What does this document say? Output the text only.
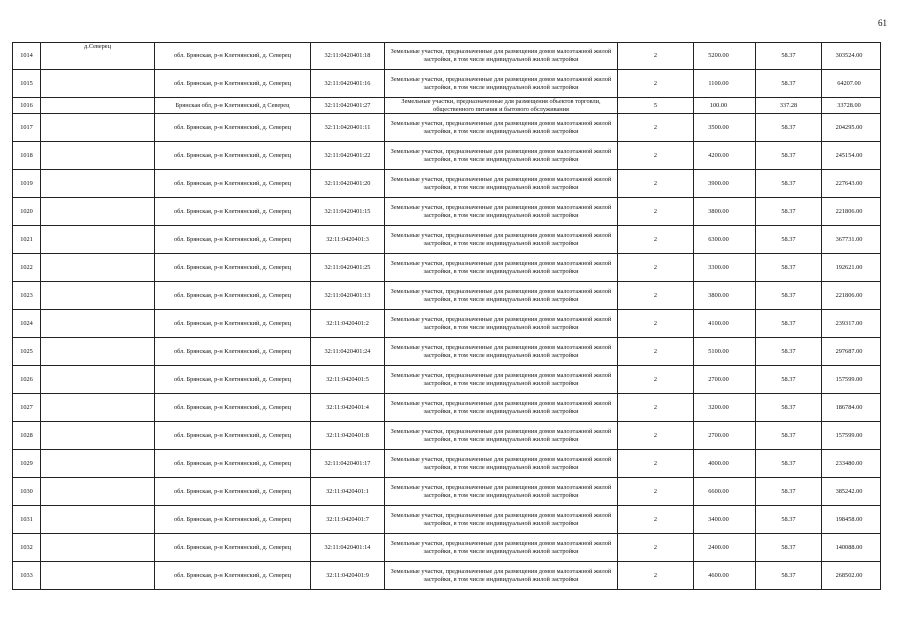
61
1014	д.Северец	обл. Брянская, р-н Клетнянский, д. Северец	32:11:0420401:18	Земельные участки, предназначенные для размещения домов малоэтажной жилой застройки, в том числе индивидуальной жилой застройки	2	5200.00	58.37	303524.00
1015		обл. Брянская, р-н Клетнянский, д. Северец	32:11:0420401:16	Земельные участки, предназначенные для размещения домов малоэтажной жилой застройки, в том числе индивидуальной жилой застройки	2	1100.00	58.37	64207.00
1016		Брянская обл, р-н Клетнянский, д Северец	32:11:0420401:27	Земельные участки, предназначенные для размещения объектов торговли, общественного питания и бытового обслуживания	5	100.00	337.28	33728.00
1017		обл. Брянская, р-н Клетнянский, д. Северец	32:11:0420401:11	Земельные участки, предназначенные для размещения домов малоэтажной жилой застройки, в том числе индивидуальной жилой застройки	2	3500.00	58.37	204295.00
1018		обл. Брянская, р-н Клетнянский, д. Северец	32:11:0420401:22	Земельные участки, предназначенные для размещения домов малоэтажной жилой застройки, в том числе индивидуальной жилой застройки	2	4200.00	58.37	245154.00
1019		обл. Брянская, р-н Клетнянский, д. Северец	32:11:0420401:20	Земельные участки, предназначенные для размещения домов малоэтажной жилой застройки, в том числе индивидуальной жилой застройки	2	3900.00	58.37	227643.00
1020		обл. Брянская, р-н Клетнянский, д. Северец	32:11:0420401:15	Земельные участки, предназначенные для размещения домов малоэтажной жилой застройки, в том числе индивидуальной жилой застройки	2	3800.00	58.37	221806.00
1021		обл. Брянская, р-н Клетнянский, д. Северец	32:11:0420401:3	Земельные участки, предназначенные для размещения домов малоэтажной жилой застройки, в том числе индивидуальной жилой застройки	2	6300.00	58.37	367731.00
1022		обл. Брянская, р-н Клетнянский, д. Северец	32:11:0420401:25	Земельные участки, предназначенные для размещения домов малоэтажной жилой застройки, в том числе индивидуальной жилой застройки	2	3300.00	58.37	192621.00
1023		обл. Брянская, р-н Клетнянский, д. Северец	32:11:0420401:13	Земельные участки, предназначенные для размещения домов малоэтажной жилой застройки, в том числе индивидуальной жилой застройки	2	3800.00	58.37	221806.00
1024		обл. Брянская, р-н Клетнянский, д. Северец	32:11:0420401:2	Земельные участки, предназначенные для размещения домов малоэтажной жилой застройки, в том числе индивидуальной жилой застройки	2	4100.00	58.37	239317.00
1025		обл. Брянская, р-н Клетнянский, д. Северец	32:11:0420401:24	Земельные участки, предназначенные для размещения домов малоэтажной жилой застройки, в том числе индивидуальной жилой застройки	2	5100.00	58.37	297687.00
1026		обл. Брянская, р-н Клетнянский, д. Северец	32:11:0420401:5	Земельные участки, предназначенные для размещения домов малоэтажной жилой застройки, в том числе индивидуальной жилой застройки	2	2700.00	58.37	157599.00
1027		обл. Брянская, р-н Клетнянский, д. Северец	32:11:0420401:4	Земельные участки, предназначенные для размещения домов малоэтажной жилой застройки, в том числе индивидуальной жилой застройки	2	3200.00	58.37	186784.00
1028		обл. Брянская, р-н Клетнянский, д. Северец	32:11:0420401:8	Земельные участки, предназначенные для размещения домов малоэтажной жилой застройки, в том числе индивидуальной жилой застройки	2	2700.00	58.37	157599.00
1029		обл. Брянская, р-н Клетнянский, д. Северец	32:11:0420401:17	Земельные участки, предназначенные для размещения домов малоэтажной жилой застройки, в том числе индивидуальной жилой застройки	2	4000.00	58.37	233480.00
1030		обл. Брянская, р-н Клетнянский, д. Северец	32:11:0420401:1	Земельные участки, предназначенные для размещения домов малоэтажной жилой застройки, в том числе индивидуальной жилой застройки	2	6600.00	58.37	385242.00
1031		обл. Брянская, р-н Клетнянский, д. Северец	32:11:0420401:7	Земельные участки, предназначенные для размещения домов малоэтажной жилой застройки, в том числе индивидуальной жилой застройки	2	3400.00	58.37	198458.00
1032		обл. Брянская, р-н Клетнянский, д. Северец	32:11:0420401:14	Земельные участки, предназначенные для размещения домов малоэтажной жилой застройки, в том числе индивидуальной жилой застройки	2	2400.00	58.37	140088.00
1033		обл. Брянская, р-н Клетнянский, д. Северец	32:11:0420401:9	Земельные участки, предназначенные для размещения домов малоэтажной жилой застройки, в том числе индивидуальной жилой застройки	2	4600.00	58.37	268502.00
